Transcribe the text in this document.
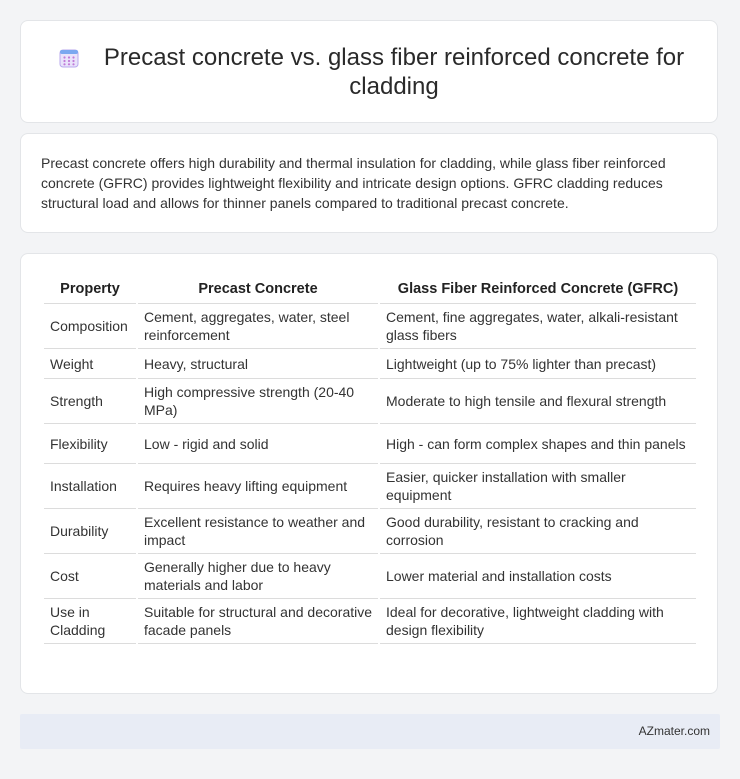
Precast concrete vs. glass fiber reinforced concrete for cladding

Precast concrete offers high durability and thermal insulation for cladding, while glass fiber reinforced concrete (GFRC) provides lightweight flexibility and intricate design options. GFRC cladding reduces structural load and allows for thinner panels compared to traditional precast concrete.

Property	Precast Concrete	Glass Fiber Reinforced Concrete (GFRC)
Composition	Cement, aggregates, water, steel reinforcement	Cement, fine aggregates, water, alkali-resistant glass fibers
Weight	Heavy, structural	Lightweight (up to 75% lighter than precast)
Strength	High compressive strength (20-40 MPa)	Moderate to high tensile and flexural strength
Flexibility	Low - rigid and solid	High - can form complex shapes and thin panels
Installation	Requires heavy lifting equipment	Easier, quicker installation with smaller equipment
Durability	Excellent resistance to weather and impact	Good durability, resistant to cracking and corrosion
Cost	Generally higher due to heavy materials and labor	Lower material and installation costs
Use in Cladding	Suitable for structural and decorative facade panels	Ideal for decorative, lightweight cladding with design flexibility
AZmater.com
